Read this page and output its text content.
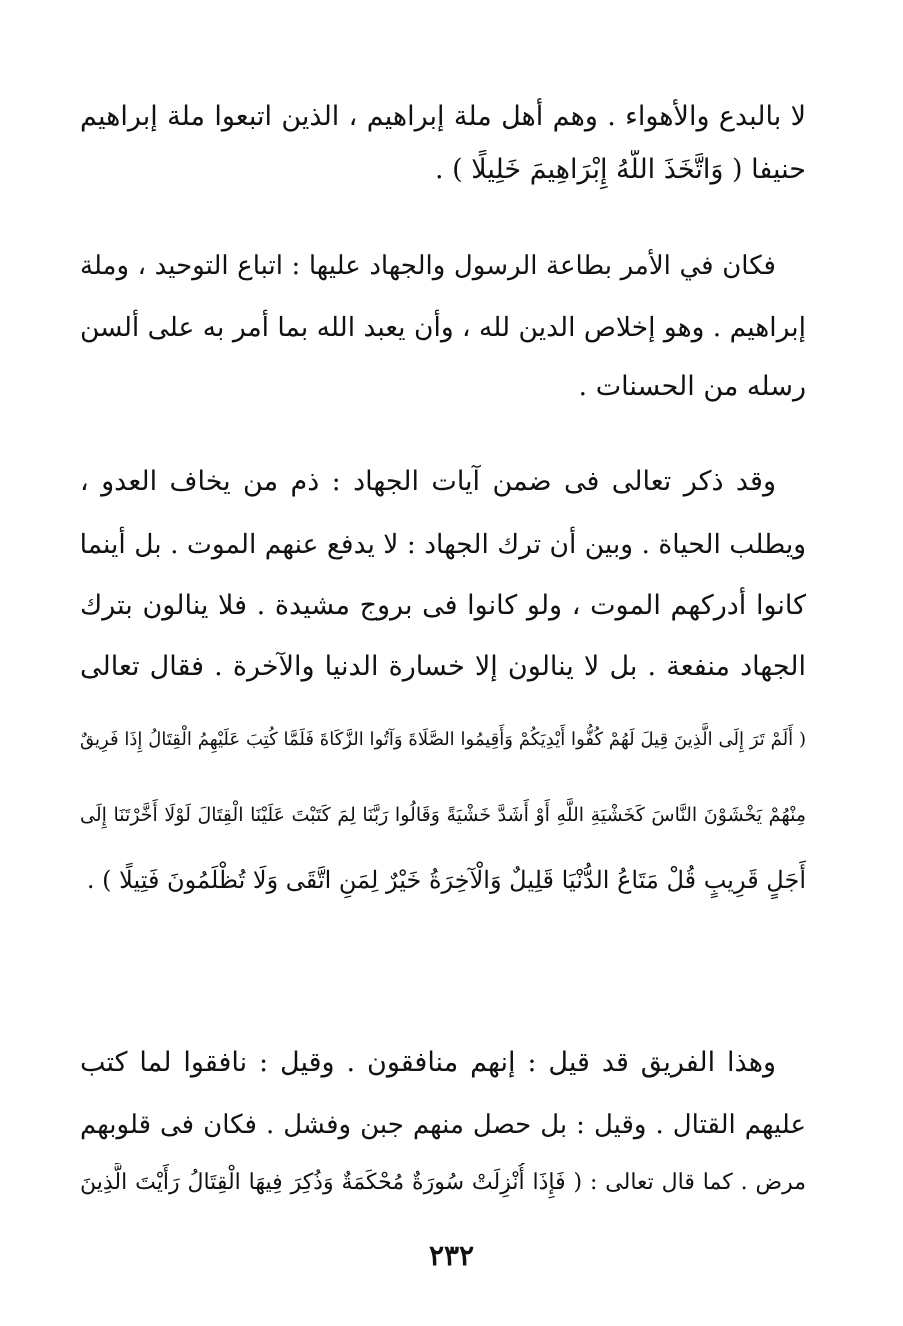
لا بالبدع والأهواء . وهم أهل ملة إبراهيم ، الذين اتبعوا ملة إبراهيم
حنيفا ( وَاتَّخَذَ اللَّهُ إِبْرَاهِيمَ خَلِيلًا ) .
فكان في الأمر بطاعة الرسول والجهاد عليها : اتباع التوحيد ، وملة
إبراهيم . وهو إخلاص الدين لله ، وأن يعبد الله بما أمر به على ألسن
رسله من الحسنات .
وقد ذكر تعالى فى ضمن آيات الجهاد : ذم من يخاف العدو ،
ويطلب الحياة . وبين أن ترك الجهاد : لا يدفع عنهم الموت . بل أينما
كانوا أدركهم الموت ، ولو كانوا فى بروج مشيدة . فلا ينالون بترك
الجهاد منفعة . بل لا ينالون إلا خسارة الدنيا والآخرة . فقال تعالى
( أَلَمْ تَرَ إِلَى الَّذِينَ قِيلَ لَهُمْ كُفُّوا أَيْدِيَكُمْ وَأَقِيمُوا الصَّلَاةَ وَآتُوا الزَّكَاةَ فَلَمَّا كُتِبَ عَلَيْهِمُ الْقِتَالُ إِذَا فَرِيقٌ
مِنْهُمْ يَخْشَوْنَ النَّاسَ كَخَشْيَةِ اللَّهِ أَوْ أَشَدَّ خَشْيَةً وَقَالُوا رَبَّنَا لِمَ كَتَبْتَ عَلَيْنَا الْقِتَالَ لَوْلَا أَخَّرْتَنَا إِلَى
أَجَلٍ قَرِيبٍ قُلْ مَتَاعُ الدُّنْيَا قَلِيلٌ وَالْآخِرَةُ خَيْرٌ لِمَنِ اتَّقَى وَلَا تُظْلَمُونَ فَتِيلًا ) .
وهذا الفريق قد قيل : إنهم منافقون . وقيل : نافقوا لما كتب
عليهم القتال . وقيل : بل حصل منهم جبن وفشل . فكان فى قلوبهم
مرض . كما قال تعالى : ( فَإِذَا أُنْزِلَتْ سُورَةٌ مُحْكَمَةٌ وَذُكِرَ فِيهَا الْقِتَالُ رَأَيْتَ الَّذِينَ
٢٣٢
